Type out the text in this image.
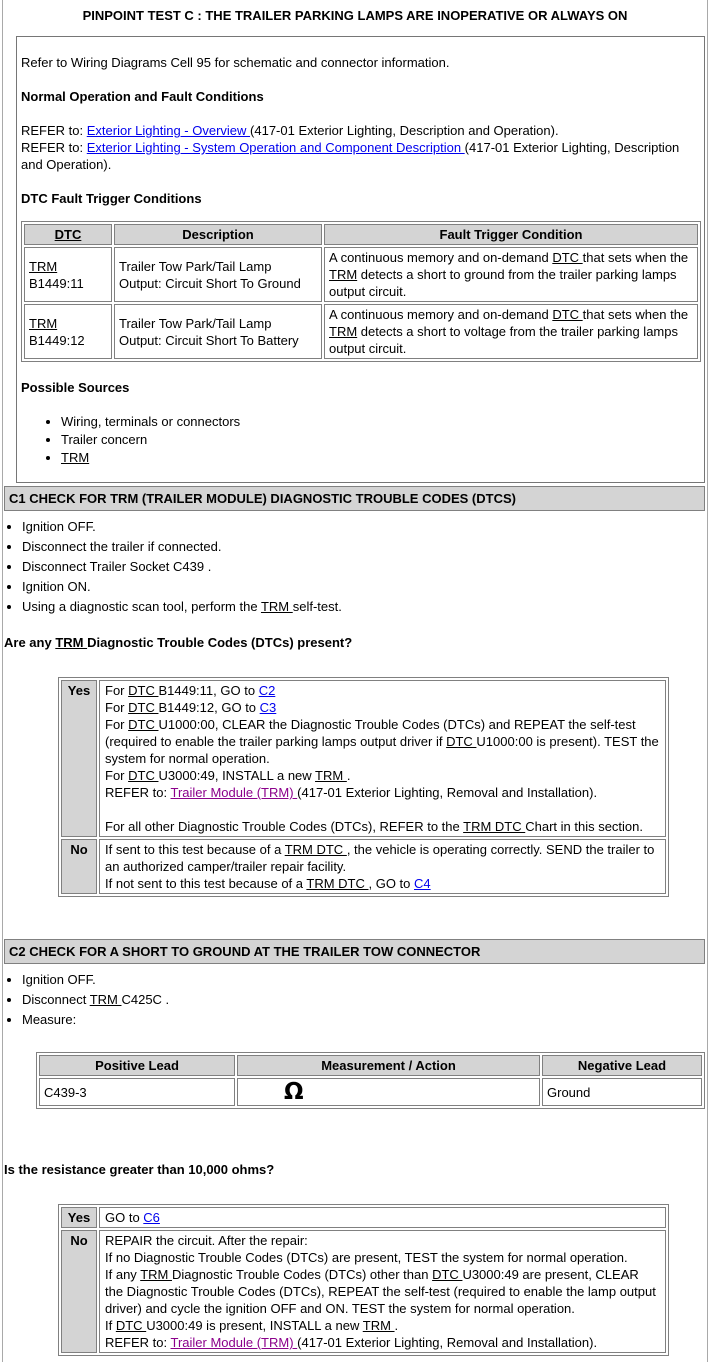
PINPOINT TEST C : THE TRAILER PARKING LAMPS ARE INOPERATIVE OR ALWAYS ON

Refer to Wiring Diagrams Cell 95 for schematic and connector information.

Normal Operation and Fault Conditions

REFER to: Exterior Lighting - Overview (417-01 Exterior Lighting, Description and Operation).
REFER to: Exterior Lighting - System Operation and Component Description (417-01 Exterior Lighting, Description and Operation).

DTC Fault Trigger Conditions

DTC	Description	Fault Trigger Condition
TRM B1449:11	Trailer Tow Park/Tail Lamp Output: Circuit Short To Ground	A continuous memory and on-demand DTC that sets when the TRM detects a short to ground from the trailer parking lamps output circuit.
TRM B1449:12	Trailer Tow Park/Tail Lamp Output: Circuit Short To Battery	A continuous memory and on-demand DTC that sets when the TRM detects a short to voltage from the trailer parking lamps output circuit.

Possible Sources

• Wiring, terminals or connectors
• Trailer concern
• TRM
C1 CHECK FOR TRM (TRAILER MODULE) DIAGNOSTIC TROUBLE CODES (DTCS)
• Ignition OFF.
• Disconnect the trailer if connected.
• Disconnect Trailer Socket C439 .
• Ignition ON.
• Using a diagnostic scan tool, perform the TRM self-test.

Are any TRM Diagnostic Trouble Codes (DTCs) present?

Yes	For DTC B1449:11, GO to C2
For DTC B1449:12, GO to C3
For DTC U1000:00, CLEAR the Diagnostic Trouble Codes (DTCs) and REPEAT the self-test (required to enable the trailer parking lamps output driver if DTC U1000:00 is present). TEST the system for normal operation.
For DTC U3000:49, INSTALL a new TRM .
REFER to: Trailer Module (TRM) (417-01 Exterior Lighting, Removal and Installation).

For all other Diagnostic Trouble Codes (DTCs), REFER to the TRM DTC Chart in this section.

No	If sent to this test because of a TRM DTC , the vehicle is operating correctly. SEND the trailer to an authorized camper/trailer repair facility.
If not sent to this test because of a TRM DTC , GO to C4
C2 CHECK FOR A SHORT TO GROUND AT THE TRAILER TOW CONNECTOR
• Ignition OFF.
• Disconnect TRM C425C .
• Measure:
Positive Lead	Measurement / Action	Negative Lead
C439-3	Ω	Ground

Is the resistance greater than 10,000 ohms?

Yes	GO to C6

No	REPAIR the circuit. After the repair:
If no Diagnostic Trouble Codes (DTCs) are present, TEST the system for normal operation.
If any TRM Diagnostic Trouble Codes (DTCs) other than DTC U3000:49 are present, CLEAR the Diagnostic Trouble Codes (DTCs), REPEAT the self-test (required to enable the lamp output driver) and cycle the ignition OFF and ON. TEST the system for normal operation.
If DTC U3000:49 is present, INSTALL a new TRM .
REFER to: Trailer Module (TRM) (417-01 Exterior Lighting, Removal and Installation).
